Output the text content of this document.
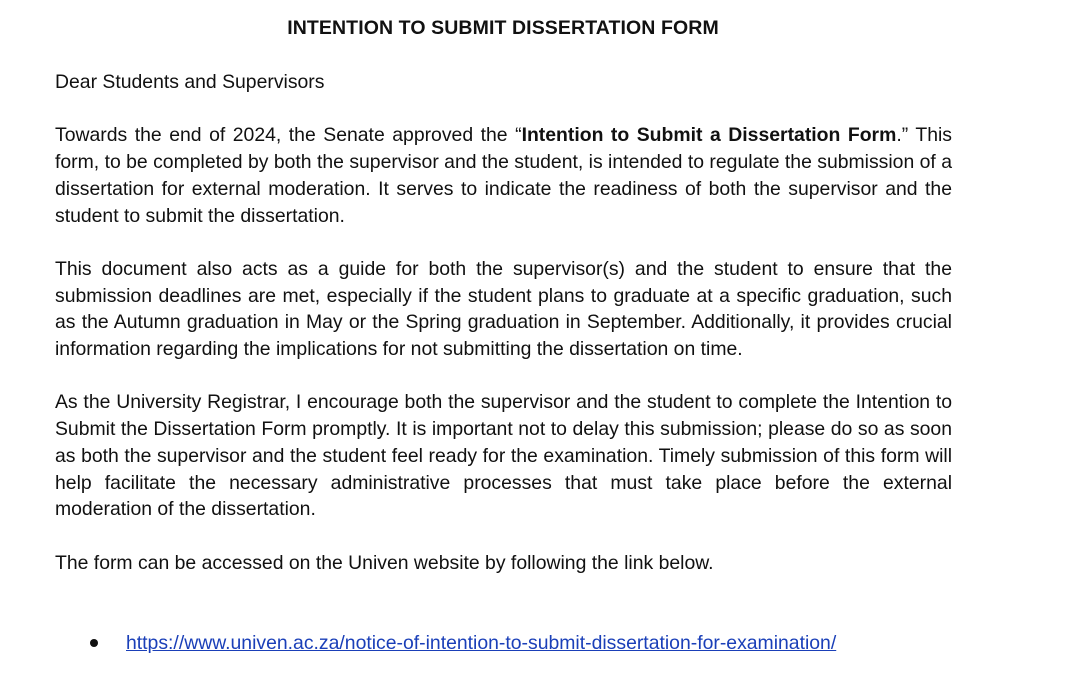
INTENTION TO SUBMIT DISSERTATION FORM

Dear Students and Supervisors

Towards the end of 2024, the Senate approved the “Intention to Submit a Dissertation Form.” This form, to be completed by both the supervisor and the student, is intended to regulate the submission of a dissertation for external moderation. It serves to indicate the readiness of both the supervisor and the student to submit the dissertation.

This document also acts as a guide for both the supervisor(s) and the student to ensure that the submission deadlines are met, especially if the student plans to graduate at a specific graduation, such as the Autumn graduation in May or the Spring graduation in September. Additionally, it provides crucial information regarding the implications for not submitting the dissertation on time.

As the University Registrar, I encourage both the supervisor and the student to complete the Intention to Submit the Dissertation Form promptly. It is important not to delay this submission; please do so as soon as both the supervisor and the student feel ready for the examination. Timely submission of this form will help facilitate the necessary administrative processes that must take place before the external moderation of the dissertation.

The form can be accessed on the Univen website by following the link below.

https://www.univen.ac.za/notice-of-intention-to-submit-dissertation-for-examination/
